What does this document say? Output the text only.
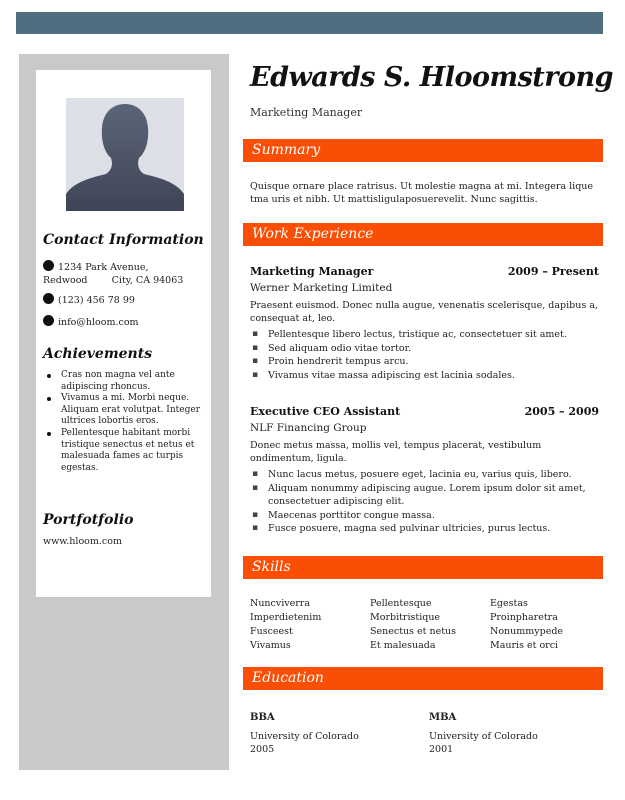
Contact Information
1234 Park Avenue,
Redwood        City, CA 94063
(123) 456 78 99
info@hloom.com
Achievements
Cras non magna vel ante adipiscing rhoncus.
Vivamus a mi. Morbi neque. Aliquam erat volutpat. Integer ultrices lobortis eros.
Pellentesque habitant morbi tristique senectus et netus et malesuada fames ac turpis egestas.
Portfotfolio
www.hloom.com
Edwards S. Hloomstrong
Marketing Manager
Summary

Quisque ornare place ratrisus. Ut molestie magna at mi. Integera lique tma uris et nibh. Ut mattisligulaposuerevelit. Nunc sagittis.

Work Experience
Marketing Manager	2009 – Present
Werner Marketing Limited

Praesent euismod. Donec nulla augue, venenatis scelerisque, dapibus a, consequat at, leo.

▪ Pellentesque libero lectus, tristique ac, consectetuer sit amet.
▪ Sed aliquam odio vitae tortor.
▪ Proin hendrerit tempus arcu.
▪ Vivamus vitae massa adipiscing est lacinia sodales.
Executive CEO Assistant	2005 – 2009
NLF Financing Group

Donec metus massa, mollis vel, tempus placerat, vestibulum ondimentum, ligula.

▪ Nunc lacus metus, posuere eget, lacinia eu, varius quis, libero.
▪ Aliquam nonummy adipiscing augue. Lorem ipsum dolor sit amet, consectetuer adipiscing elit.
▪ Maecenas porttitor congue massa.
▪ Fusce posuere, magna sed pulvinar ultricies, purus lectus.
Skills
Nuncviverra	Pellentesque	Egestas
Imperdietenim	Morbitristique	Proinpharetra
Fusceest	Senectus et netus	Nonummypede
Vivamus	Et malesuada	Mauris et orci
Education
BBA
University of Colorado
2005
MBA
University of Colorado
2001
